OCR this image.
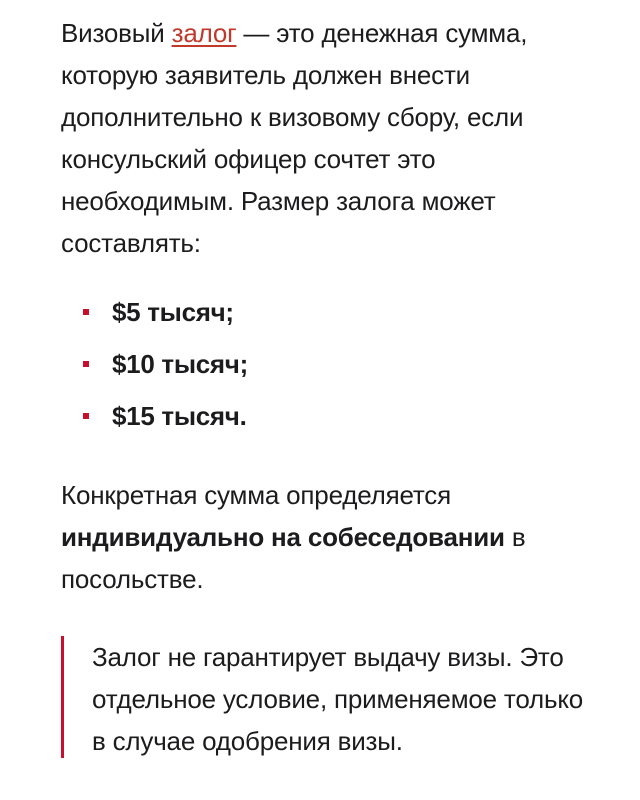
Визовый залог — это денежная сумма, которую заявитель должен внести дополнительно к визовому сбору, если консульский офицер сочтет это необходимым. Размер залога может составлять:

$5 тысяч;
$10 тысяч;
$15 тысяч.

Конкретная сумма определяется индивидуально на собеседовании в посольстве.

Залог не гарантирует выдачу визы. Это отдельное условие, применяемое только в случае одобрения визы.
